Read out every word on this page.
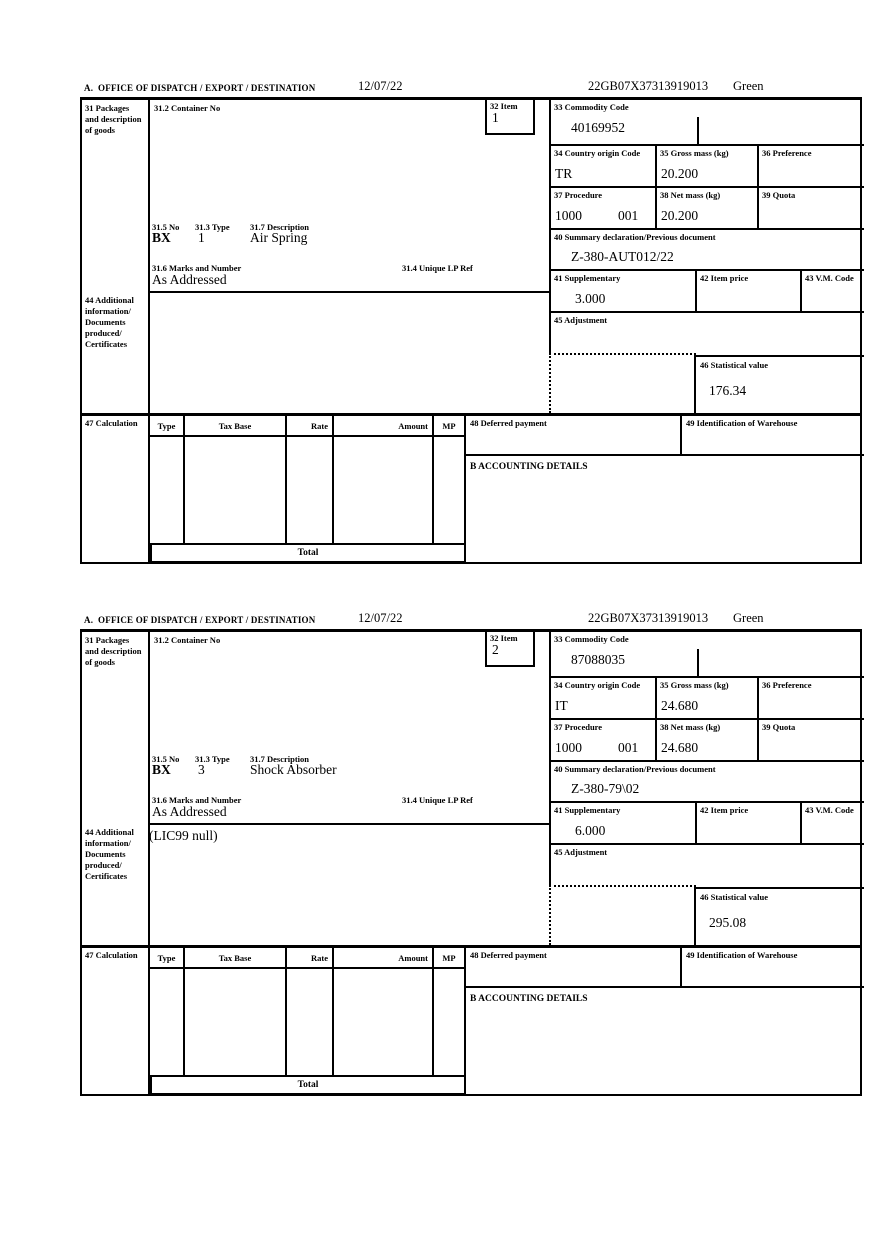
A.  OFFICE OF DISPATCH / EXPORT / DESTINATION	12/07/22	22GB07X37313919013 Green
31 Packages and description of goods
44 Additional information/ Documents produced/ Certificates
47 Calculation
31.2 Container No	32 Item
1
31.5 No 31.3 Type 31.7 Description
BX 1	Air Spring
31.6 Marks and Number	31.4 Unique LP Ref
As Addressed
33 Commodity Code
40169952
34 Country origin Code
TR
35 Gross mass (kg)
20.200
36 Preference
37 Procedure
1000	001
38 Net mass (kg)
20.200
39 Quota
40 Summary declaration/Previous document
Z-380-AUT012/22
41 Supplementary
3.000
42 Item price	43 V.M. Code
45 Adjustment
46 Statistical value
176.34
Type	Tax Base	Rate	Amount	MP
Total
48 Deferred payment	49 Identification of Warehouse
B ACCOUNTING DETAILS
A.  OFFICE OF DISPATCH / EXPORT / DESTINATION	12/07/22	22GB07X37313919013 Green
31 Packages and description of goods
44 Additional information/ Documents produced/ Certificates
47 Calculation
31.2 Container No	32 Item
2
31.5 No 31.3 Type 31.7 Description
BX 3	Shock Absorber
31.6 Marks and Number	31.4 Unique LP Ref
As Addressed
(LIC99 null)
33 Commodity Code
87088035
34 Country origin Code
IT
35 Gross mass (kg)
24.680
36 Preference
37 Procedure
1000	001
38 Net mass (kg)
24.680
39 Quota
40 Summary declaration/Previous document
Z-380-79\02
41 Supplementary
6.000
42 Item price	43 V.M. Code
45 Adjustment
46 Statistical value
295.08
Type	Tax Base	Rate	Amount	MP
Total
48 Deferred payment	49 Identification of Warehouse
B ACCOUNTING DETAILS
